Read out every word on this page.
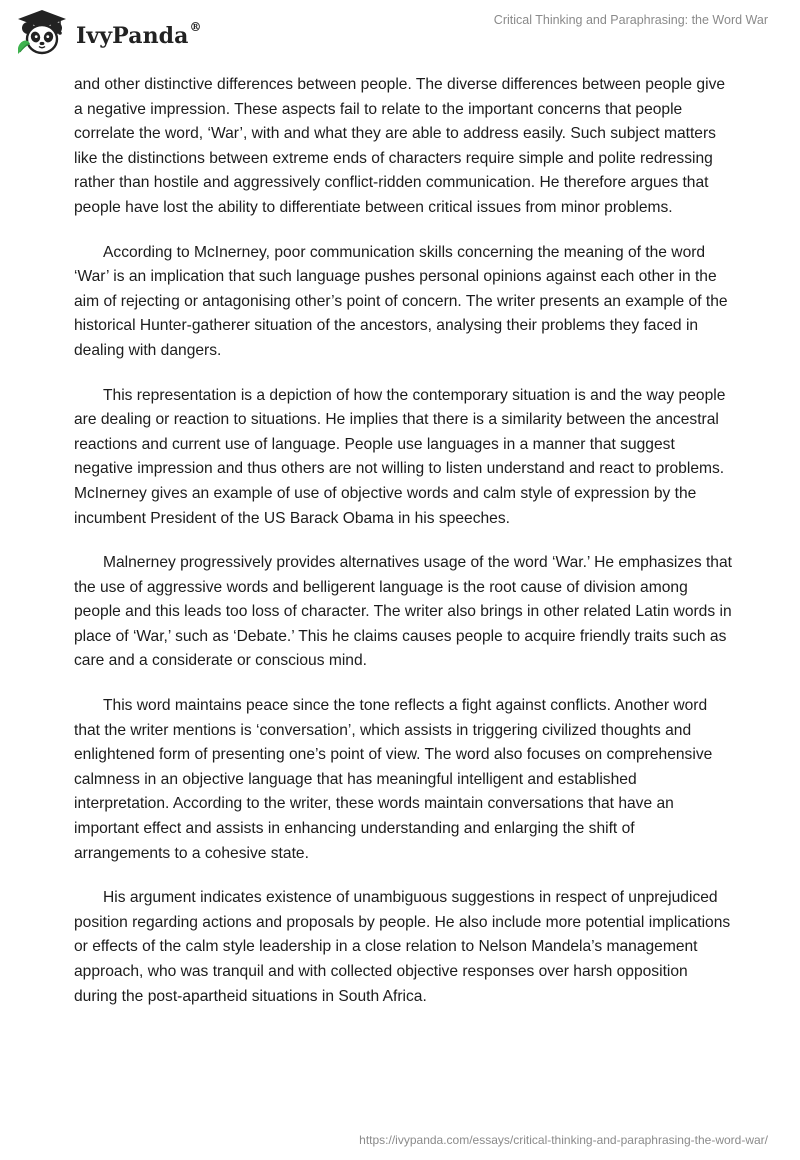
IvyPanda®	Critical Thinking and Paraphrasing: the Word War

and other distinctive differences between people. The diverse differences between people give a negative impression. These aspects fail to relate to the important concerns that people correlate the word, ‘War’, with and what they are able to address easily. Such subject matters like the distinctions between extreme ends of characters require simple and polite redressing rather than hostile and aggressively conflict-ridden communication. He therefore argues that people have lost the ability to differentiate between critical issues from minor problems.

According to McInerney, poor communication skills concerning the meaning of the word ‘War’ is an implication that such language pushes personal opinions against each other in the aim of rejecting or antagonising other’s point of concern. The writer presents an example of the historical Hunter-gatherer situation of the ancestors, analysing their problems they faced in dealing with dangers.

This representation is a depiction of how the contemporary situation is and the way people are dealing or reaction to situations. He implies that there is a similarity between the ancestral reactions and current use of language. People use languages in a manner that suggest negative impression and thus others are not willing to listen understand and react to problems. McInerney gives an example of use of objective words and calm style of expression by the incumbent President of the US Barack Obama in his speeches.

Malnerney progressively provides alternatives usage of the word ‘War.’ He emphasizes that the use of aggressive words and belligerent language is the root cause of division among people and this leads too loss of character. The writer also brings in other related Latin words in place of ‘War,’ such as ‘Debate.’ This he claims causes people to acquire friendly traits such as care and a considerate or conscious mind.

This word maintains peace since the tone reflects a fight against conflicts. Another word that the writer mentions is ‘conversation’, which assists in triggering civilized thoughts and enlightened form of presenting one’s point of view. The word also focuses on comprehensive calmness in an objective language that has meaningful intelligent and established interpretation. According to the writer, these words maintain conversations that have an important effect and assists in enhancing understanding and enlarging the shift of arrangements to a cohesive state.

His argument indicates existence of unambiguous suggestions in respect of unprejudiced position regarding actions and proposals by people. He also include more potential implications or effects of the calm style leadership in a close relation to Nelson Mandela’s management approach, who was tranquil and with collected objective responses over harsh opposition during the post-apartheid situations in South Africa.

https://ivypanda.com/essays/critical-thinking-and-paraphrasing-the-word-war/
